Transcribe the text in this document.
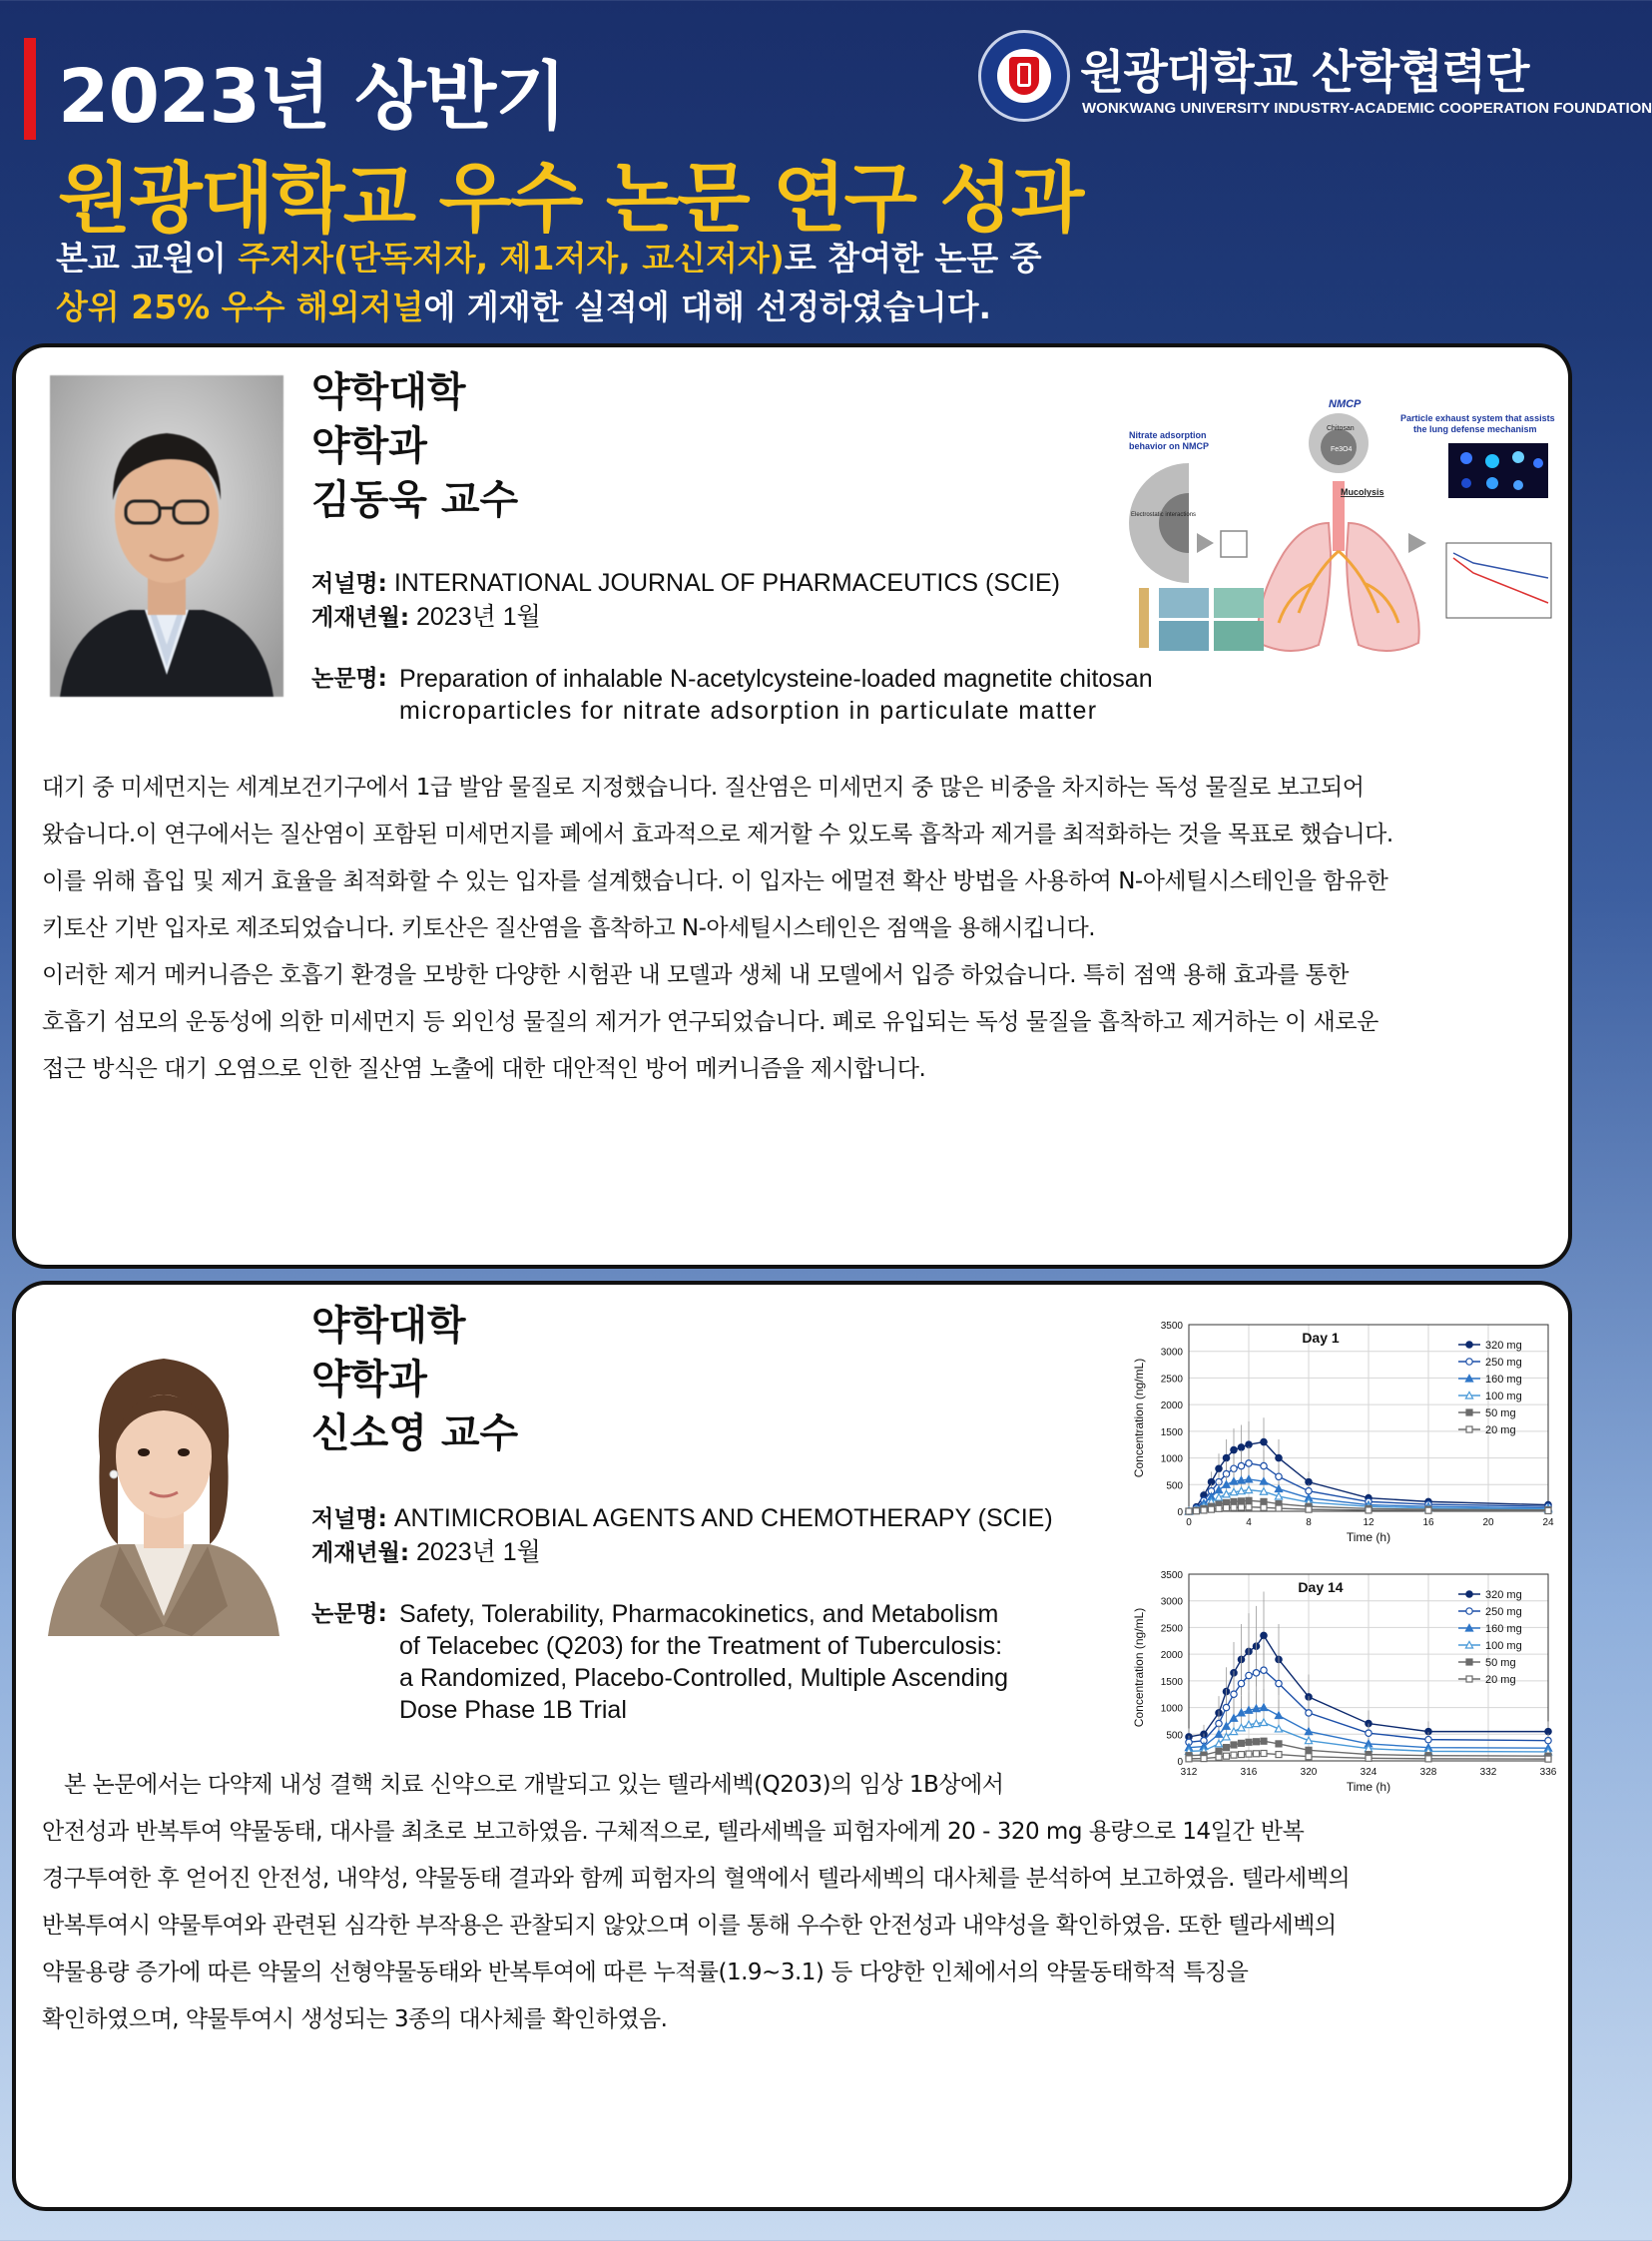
2023년 상반기
원광대학교 우수 논문 연구 성과
본교 교원이 주저자(단독저자, 제1저자, 교신저자)로 참여한 논문 중
상위 25% 우수 해외저널에 게재한 실적에 대해 선정하였습니다.
원광대학교 산학협력단
WONKWANG UNIVERSITY INDUSTRY-ACADEMIC COOPERATION FOUNDATION
약학대학
약학과
김동욱 교수
저널명: INTERNATIONAL JOURNAL OF PHARMACEUTICS (SCIE)
게재년월: 2023년 1월
논문명: Preparation of inhalable N-acetylcysteine-loaded magnetite chitosan
microparticles for nitrate adsorption in particulate matter
NMCP
Chitosan
Fe3O4
Mucolysis
Nitrate adsorption
behavior on NMCP
Electrostatic interactions
Particle exhaust system that assists
the lung defense mechanism

대기 중 미세먼지는 세계보건기구에서 1급 발암 물질로 지정했습니다. 질산염은 미세먼지 중 많은 비중을 차지하는 독성 물질로 보고되어

왔습니다.이 연구에서는 질산염이 포함된 미세먼지를 폐에서 효과적으로 제거할 수 있도록 흡착과 제거를 최적화하는 것을 목표로 했습니다.

이를 위해 흡입 및 제거 효율을 최적화할 수 있는 입자를 설계했습니다. 이 입자는 에멀젼 확산 방법을 사용하여 N-아세틸시스테인을 함유한

키토산 기반 입자로 제조되었습니다. 키토산은 질산염을 흡착하고 N-아세틸시스테인은 점액을 용해시킵니다.

이러한 제거 메커니즘은 호흡기 환경을 모방한 다양한 시험관 내 모델과 생체 내 모델에서 입증 하었습니다. 특히 점액 용해 효과를 통한

호흡기 섬모의 운동성에 의한 미세먼지 등 외인성 물질의 제거가 연구되었습니다. 폐로 유입되는 독성 물질을 흡착하고 제거하는 이 새로운

접근 방식은 대기 오염으로 인한 질산염 노출에 대한 대안적인 방어 메커니즘을 제시합니다.

약학대학
약학과
신소영 교수
저널명: ANTIMICROBIAL AGENTS AND CHEMOTHERAPY (SCIE)
게재년월: 2023년 1월
논문명: Safety, Tolerability, Pharmacokinetics, and Metabolism
of Telacebec (Q203) for the Treatment of Tuberculosis:
a Randomized, Placebo-Controlled, Multiple Ascending
Dose Phase 1B Trial
0
500
1000
1500
2000
2500
3000
3500
0	4	8	12	16	20	24
Time (h)
Concentration (ng/mL)
Day 1	320 mg
250 mg
160 mg
100 mg
50 mg
20 mg
0
500
1000
1500
2000
2500
3000
3500
312	316	320	324	328	332	336
Time (h)
Concentration (ng/mL)
Day 14	320 mg
250 mg
160 mg
100 mg
50 mg
20 mg

본 논문에서는 다약제 내성 결핵 치료 신약으로 개발되고 있는 텔라세벡(Q203)의 임상 1B상에서

안전성과 반복투여 약물동태, 대사를 최초로 보고하였음. 구체적으로, 텔라세벡을 피험자에게 20 - 320 mg 용량으로 14일간 반복

경구투여한 후 얻어진 안전성, 내약성, 약물동태 결과와 함께 피험자의 혈액에서 텔라세벡의 대사체를 분석하여 보고하였음. 텔라세벡의

반복투여시 약물투여와 관련된 심각한 부작용은 관찰되지 않았으며 이를 통해 우수한 안전성과 내약성을 확인하였음. 또한 텔라세벡의

약물용량 증가에 따른 약물의 선형약물동태와 반복투여에 따른 누적률(1.9~3.1) 등 다양한 인체에서의 약물동태학적 특징을

확인하였으며, 약물투여시 생성되는 3종의 대사체를 확인하였음.
